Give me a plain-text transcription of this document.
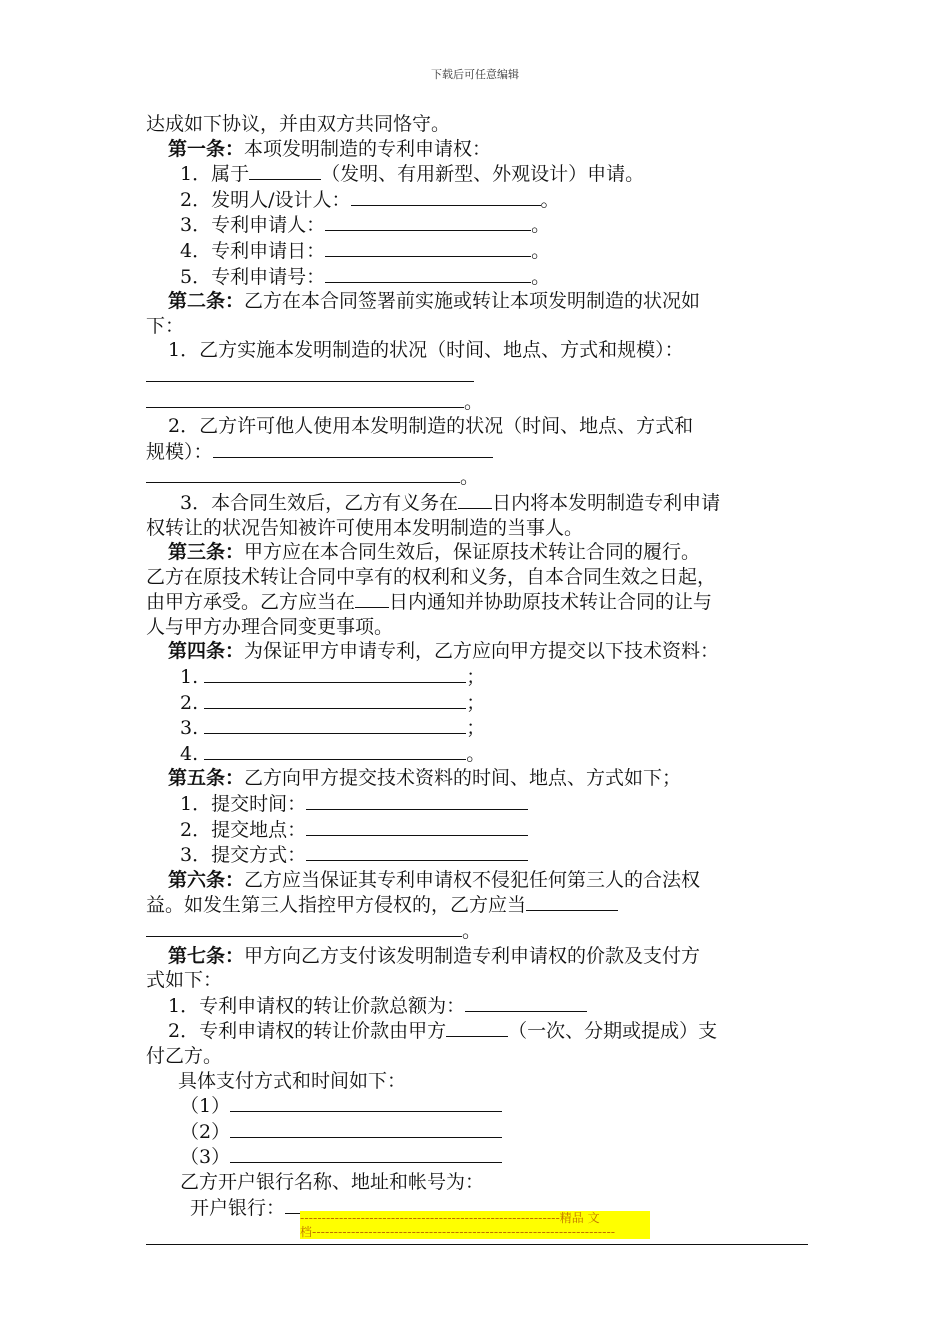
下载后可任意编辑
达成如下协议，并由双方共同恪守。
第一条：本项发明制造的专利申请权：
1．属于	（发明、有用新型、外观设计）申请。
2．发明人/设计人：	。
3．专利申请人：	。
4．专利申请日：	。
5．专利申请号：	。
第二条：乙方在本合同签署前实施或转让本项发明制造的状况如
下：
1．乙方实施本发明制造的状况（时间、地点、方式和规模）：
。
2．乙方许可他人使用本发明制造的状况（时间、地点、方式和
规模）：
。
3．本合同生效后，乙方有义务在 日内将本发明制造专利申请
权转让的状况告知被许可使用本发明制造的当事人。
第三条：甲方应在本合同生效后，保证原技术转让合同的履行。
乙方在原技术转让合同中享有的权利和义务，自本合同生效之日起，
由甲方承受。乙方应当在 日内通知并协助原技术转让合同的让与
人与甲方办理合同变更事项。
第四条：为保证甲方申请专利，乙方应向甲方提交以下技术资料：
1.	；
2.	；
3.	；
4.	。
第五条：乙方向甲方提交技术资料的时间、地点、方式如下；
1．提交时间：
2．提交地点：
3．提交方式：
第六条：乙方应当保证其专利申请权不侵犯任何第三人的合法权
益。如发生第三人指控甲方侵权的，乙方应当
。
第七条：甲方向乙方支付该发明制造专利申请权的价款及支付方
式如下：
1．专利申请权的转让价款总额为：
2．专利申请权的转让价款由甲方	（一次、分期或提成）支
付乙方。
具体支付方式和时间如下：
（1）
（2）
（3）
乙方开户银行名称、地址和帐号为：
开户银行：	------------------------------------------------------------精品 文
档----------------------------------------------------------------------
